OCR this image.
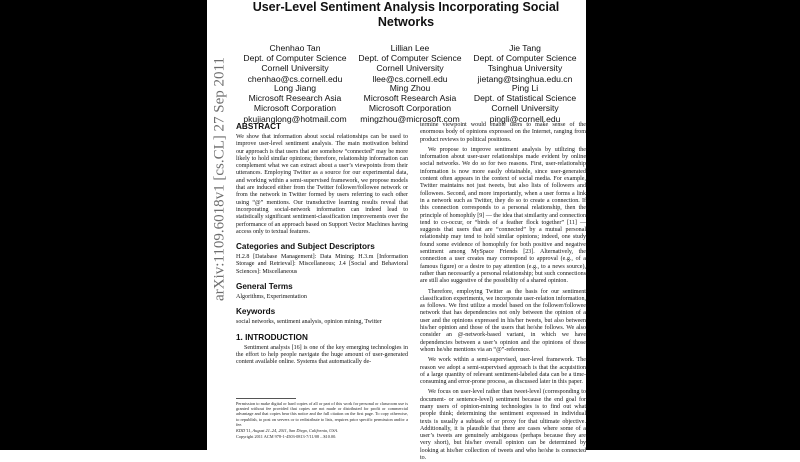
arXiv:1109.6018v1 [cs.CL] 27 Sep 2011
User-Level Sentiment Analysis Incorporating Social
Networks
Chenhao Tan
Dept. of Computer Science
Cornell University
chenhao@cs.cornell.edu
Lillian Lee
Dept. of Computer Science
Cornell University
llee@cs.cornell.edu
Jie Tang
Dept. of Computer Science
Tsinghua University
jietang@tsinghua.edu.cn
Long Jiang
Microsoft Research Asia
Microsoft Corporation
pkujianglong@hotmail.com
Ming Zhou
Microsoft Research Asia
Microsoft Corporation
mingzhou@microsoft.com
Ping Li
Dept. of Statistical Science
Cornell University
pingli@cornell.edu
ABSTRACT

We show that information about social relationships can be used to improve user-level sentiment analysis. The main motivation behind our approach is that users that are somehow “connected” may be more likely to hold similar opinions; therefore, relationship information can complement what we can extract about a user’s viewpoints from their utterances. Employing Twitter as a source for our experimental data, and working within a semi-supervised framework, we propose models that are induced either from the Twitter follower/followee network or from the network in Twitter formed by users referring to each other using “@” mentions. Our transductive learning results reveal that incorporating social-network information can indeed lead to statistically significant sentiment-classification improvements over the performance of an approach based on Support Vector Machines having access only to textual features.

Categories and Subject Descriptors

H.2.8 [Database Management]: Data Mining; H.3.m [Information Storage and Retrieval]: Miscellaneous; J.4 [Social and Behavioral Sciences]: Miscellaneous

General Terms

Algorithms, Experimentation

Keywords

social networks, sentiment analysis, opinion mining, Twitter

1. INTRODUCTION

Sentiment analysis [16] is one of the key emerging technologies in the effort to help people navigate the huge amount of user-generated content available online. Systems that automatically de-

Permission to make digital or hard copies of all or part of this work for personal or classroom use is granted without fee provided that copies are not made or distributed for profit or commercial advantage and that copies bear this notice and the full citation on the first page. To copy otherwise, to republish, to post on servers or to redistribute to lists, requires prior specific permission and/or a fee.
KDD’11, August 21–24, 2011, San Diego, California, USA.
Copyright 2011 ACM 978-1-4503-0813-7/11/08 ...$10.00.

termine viewpoint would enable users to make sense of the enormous body of opinions expressed on the Internet, ranging from product reviews to political positions.

We propose to improve sentiment analysis by utilizing the information about user-user relationships made evident by online social networks. We do so for two reasons. First, user-relationship information is now more easily obtainable, since user-generated content often appears in the context of social media. For example, Twitter maintains not just tweets, but also lists of followers and followees. Second, and more importantly, when a user forms a link in a network such as Twitter, they do so to create a connection. If this connection corresponds to a personal relationship, then the principle of homophily [9] — the idea that similarity and connection tend to co-occur, or “birds of a feather flock together” [11] — suggests that users that are “connected” by a mutual personal relationship may tend to hold similar opinions; indeed, one study found some evidence of homophily for both positive and negative sentiment among MySpace Friends [23]. Alternatively, the connection a user creates may correspond to approval (e.g., of a famous figure) or a desire to pay attention (e.g., to a news source), rather than necessarily a personal relationship; but such connections are still also suggestive of the possibility of a shared opinion.

Therefore, employing Twitter as the basis for our sentiment classification experiments, we incorporate user-relation information, as follows. We first utilize a model based on the follower/followee network that has dependencies not only between the opinion of a user and the opinions expressed in his/her tweets, but also between his/her opinion and those of the users that he/she follows. We also consider an @-network-based variant, in which we have dependencies between a user’s opinion and the opinions of those whom he/she mentions via an “@”-reference.

We work within a semi-supervised, user-level framework. The reason we adopt a semi-supervised approach is that the acquisition of a large quantity of relevant sentiment-labeled data can be a time-consuming and error-prone process, as discussed later in this paper.

We focus on user-level rather than tweet-level (corresponding to document- or sentence-level) sentiment because the end goal for many users of opinion-mining technologies is to find out what people think; determining the sentiment expressed in individual texts is usually a subtask of or proxy for that ultimate objective. Additionally, it is plausible that there are cases where some of a user’s tweets are genuinely ambiguous (perhaps because they are very short), but his/her overall opinion can be determined by looking at his/her collection of tweets and who he/she is connected to.
